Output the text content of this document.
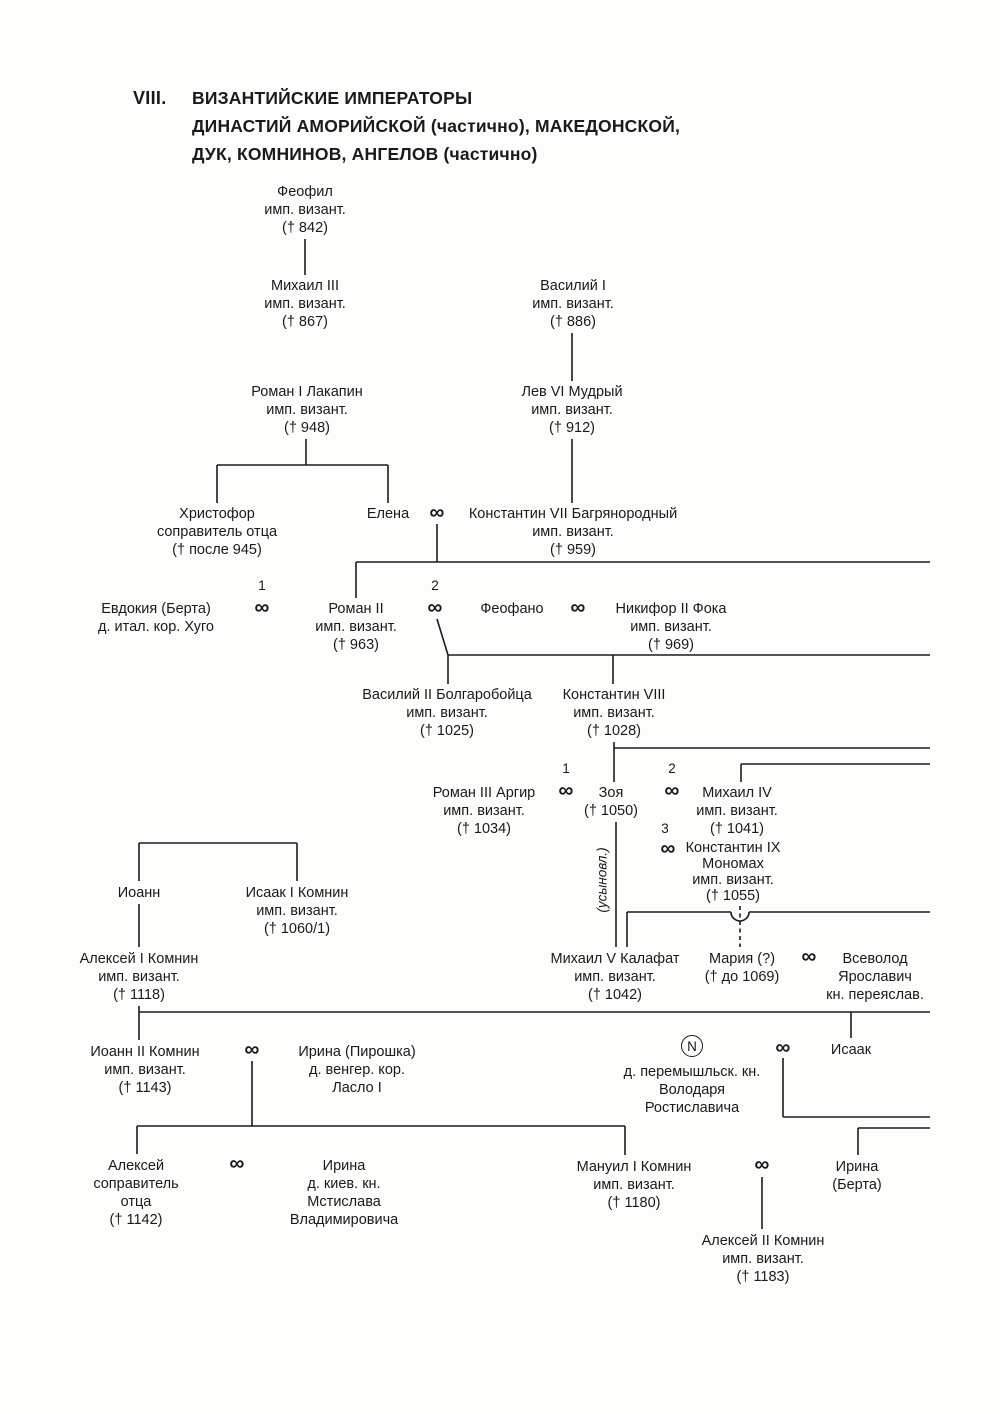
VIII. ВИЗАНТИЙСКИЕ ИМПЕРАТОРЫ
ДИНАСТИЙ АМОРИЙСКОЙ (частично), МАКЕДОНСКОЙ,
ДУК, КОМНИНОВ, АНГЕЛОВ (частично)
Феофил
имп. визант.
(† 842)
Михаил III
имп. визант.
(† 867)
Василий I
имп. визант.
(† 886)
Роман I Лакапин
имп. визант.
(† 948)
Лев VI Мудрый
имп. визант.
(† 912)
Христофор
соправитель отца
(† после 945)
Елена	Константин VII Багрянородный
имп. визант.
(† 959)
Евдокия (Берта)
д. итал. кор. Хуго
Роман II
имп. визант.
(† 963)
Феофано	Никифор II Фока
имп. визант.
(† 969)
Василий II Болгаробойца
имп. визант.
(† 1025)
Константин VIII
имп. визант.
(† 1028)
Роман III Аргир
имп. визант.
(† 1034)
Зоя
(† 1050)
Михаил IV
имп. визант.
(† 1041)
Константин IX
Мономах
имп. визант.
(† 1055)
Иоанн	Исаак I Комнин
имп. визант.
(† 1060/1)
Алексей I Комнин
имп. визант.
(† 1118)
Михаил V Калафат
имп. визант.
(† 1042)
Мария (?)
(† до 1069)
Всеволод
Ярославич
кн. переяслав.
Иоанн II Комнин
имп. визант.
(† 1143)
Ирина (Пирошка)
д. венгер. кор.
Ласло I
д. перемышльск. кн.
Володаря
Ростиславича
Исаак
Алексей
соправитель
отца
(† 1142)
Ирина
д. киев. кн.
Мстислава
Владимировича
Мануил I Комнин
имп. визант.
(† 1180)
Ирина
(Берта)
Алексей II Комнин
имп. визант.
(† 1183)
∞
∞	∞	∞
∞	∞
∞
∞
∞	∞
∞	∞
1	2
1	2
3
N
(усыновл.)
